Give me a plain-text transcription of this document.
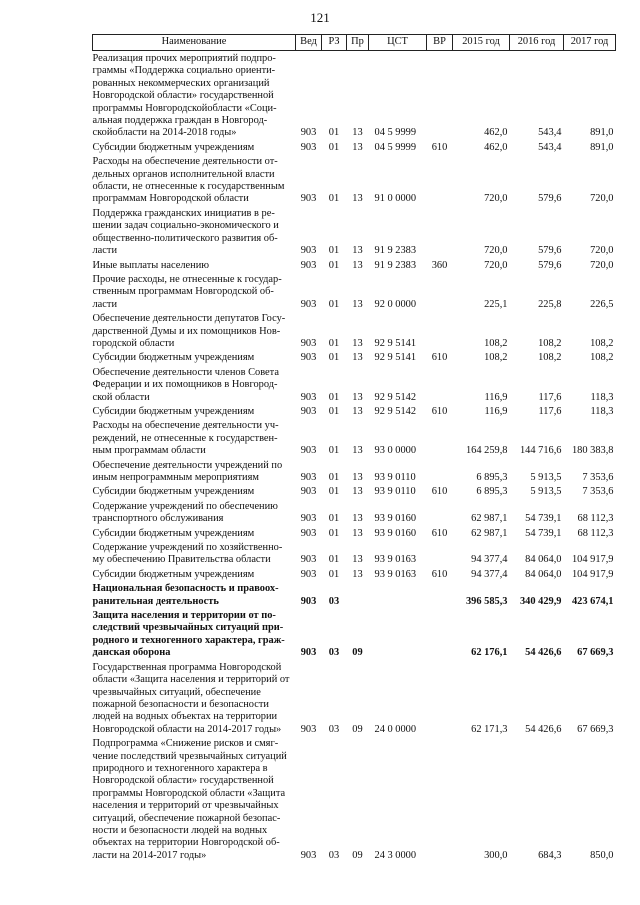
121
Наименование	Вед	РЗ	Пр	ЦСТ	ВР	2015 год	2016 год	2017 год
Реализация прочих мероприятий подпро-граммы «Поддержка социально ориенти-рованных некоммерческих организаций Новгородской области» государственной программы Новгородскойобласти «Соци-альная поддержка граждан в Новгород-скойобласти на 2014-2018 годы»	903	01	13	04 5 9999		462,0	543,4	891,0
Субсидии бюджетным учреждениям	903	01	13	04 5 9999	610	462,0	543,4	891,0
Расходы на обеспечение деятельности от-дельных органов исполнительной власти области, не отнесенные к государственным программам Новгородской области	903	01	13	91 0 0000		720,0	579,6	720,0
Поддержка гражданских инициатив в ре-шении задач социально-экономического и общественно-политического развития об-ласти	903	01	13	91 9 2383		720,0	579,6	720,0
Иные выплаты населению	903	01	13	91 9 2383	360	720,0	579,6	720,0
Прочие расходы, не отнесенные к государ-ственным программам Новгородской об-ласти	903	01	13	92 0 0000		225,1	225,8	226,5
Обеспечение деятельности депутатов Госу-дарственной Думы и их помощников Нов-городской области	903	01	13	92 9 5141		108,2	108,2	108,2
Субсидии бюджетным учреждениям	903	01	13	92 9 5141	610	108,2	108,2	108,2
Обеспечение деятельности членов Совета Федерации и их помощников в Новгород-ской области	903	01	13	92 9 5142		116,9	117,6	118,3
Субсидии бюджетным учреждениям	903	01	13	92 9 5142	610	116,9	117,6	118,3
Расходы на обеспечение деятельности уч-реждений, не отнесенные к государствен-ным программам области	903	01	13	93 0 0000		164 259,8	144 716,6	180 383,8
Обеспечение деятельности учреждений по иным непрограммным мероприятиям	903	01	13	93 9 0110		6 895,3	5 913,5	7 353,6
Субсидии бюджетным учреждениям	903	01	13	93 9 0110	610	6 895,3	5 913,5	7 353,6
Содержание учреждений по обеспечению транспортного обслуживания	903	01	13	93 9 0160		62 987,1	54 739,1	68 112,3
Субсидии бюджетным учреждениям	903	01	13	93 9 0160	610	62 987,1	54 739,1	68 112,3
Содержание учреждений по хозяйственно-му обеспечению Правительства области	903	01	13	93 9 0163		94 377,4	84 064,0	104 917,9
Субсидии бюджетным учреждениям	903	01	13	93 9 0163	610	94 377,4	84 064,0	104 917,9
Национальная безопасность и правоох-ранительная деятельность	903	03				396 585,3	340 429,9	423 674,1
Защита населения и территории от по-следствий чрезвычайных ситуаций при-родного и техногенного характера, граж-данская оборона	903	03	09			62 176,1	54 426,6	67 669,3
Государственная программа Новгородской области «Защита населения и территорий от чрезвычайных ситуаций, обеспечение пожарной безопасности и безопасности людей на водных объектах на территории Новгородской области на 2014-2017 годы»	903	03	09	24 0 0000		62 171,3	54 426,6	67 669,3
Подпрограмма «Снижение рисков и смяг-чение последствий чрезвычайных ситуаций природного и техногенного характера в Новгородской области» государственной программы Новгородской области «Защита населения и территорий от чрезвычайных ситуаций, обеспечение пожарной безопас-ности и безопасности людей на водных объектах на территории Новгородской об-ласти на 2014-2017 годы»	903	03	09	24 3 0000		300,0	684,3	850,0
